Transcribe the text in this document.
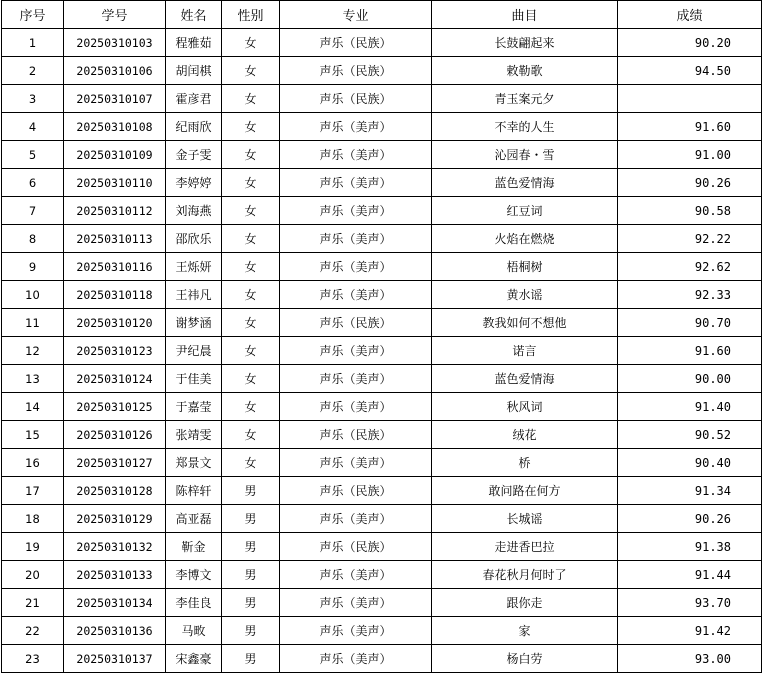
序号	学号	姓名	性别	专业	曲目	成绩
1	20250310103	程雅茹	女	声乐（民族）	长鼓翩起来	90.20
2	20250310106	胡闰棋	女	声乐（民族）	敕勒歌	94.50
3	20250310107	霍彦君	女	声乐（民族）	青玉案元夕	
4	20250310108	纪雨欣	女	声乐（美声）	不幸的人生	91.60
5	20250310109	金子雯	女	声乐（美声）	沁园春・雪	91.00
6	20250310110	李婷婷	女	声乐（美声）	蓝色爱情海	90.26
7	20250310112	刘海燕	女	声乐（美声）	红豆词	90.58
8	20250310113	邵欣乐	女	声乐（美声）	火焰在燃烧	92.22
9	20250310116	王烁妍	女	声乐（美声）	梧桐树	92.62
10	20250310118	王祎凡	女	声乐（美声）	黄水谣	92.33
11	20250310120	谢梦涵	女	声乐（民族）	教我如何不想他	90.70
12	20250310123	尹纪晨	女	声乐（美声）	诺言	91.60
13	20250310124	于佳美	女	声乐（美声）	蓝色爱情海	90.00
14	20250310125	于嘉莹	女	声乐（美声）	秋风词	91.40
15	20250310126	张靖雯	女	声乐（民族）	绒花	90.52
16	20250310127	郑景文	女	声乐（美声）	桥	90.40
17	20250310128	陈梓轩	男	声乐（民族）	敢问路在何方	91.34
18	20250310129	高亚磊	男	声乐（美声）	长城谣	90.26
19	20250310132	靳金	男	声乐（民族）	走进香巴拉	91.38
20	20250310133	李博文	男	声乐（美声）	春花秋月何时了	91.44
21	20250310134	李佳良	男	声乐（美声）	跟你走	93.70
22	20250310136	马畋	男	声乐（美声）	家	91.42
23	20250310137	宋鑫豪	男	声乐（美声）	杨白劳	93.00
